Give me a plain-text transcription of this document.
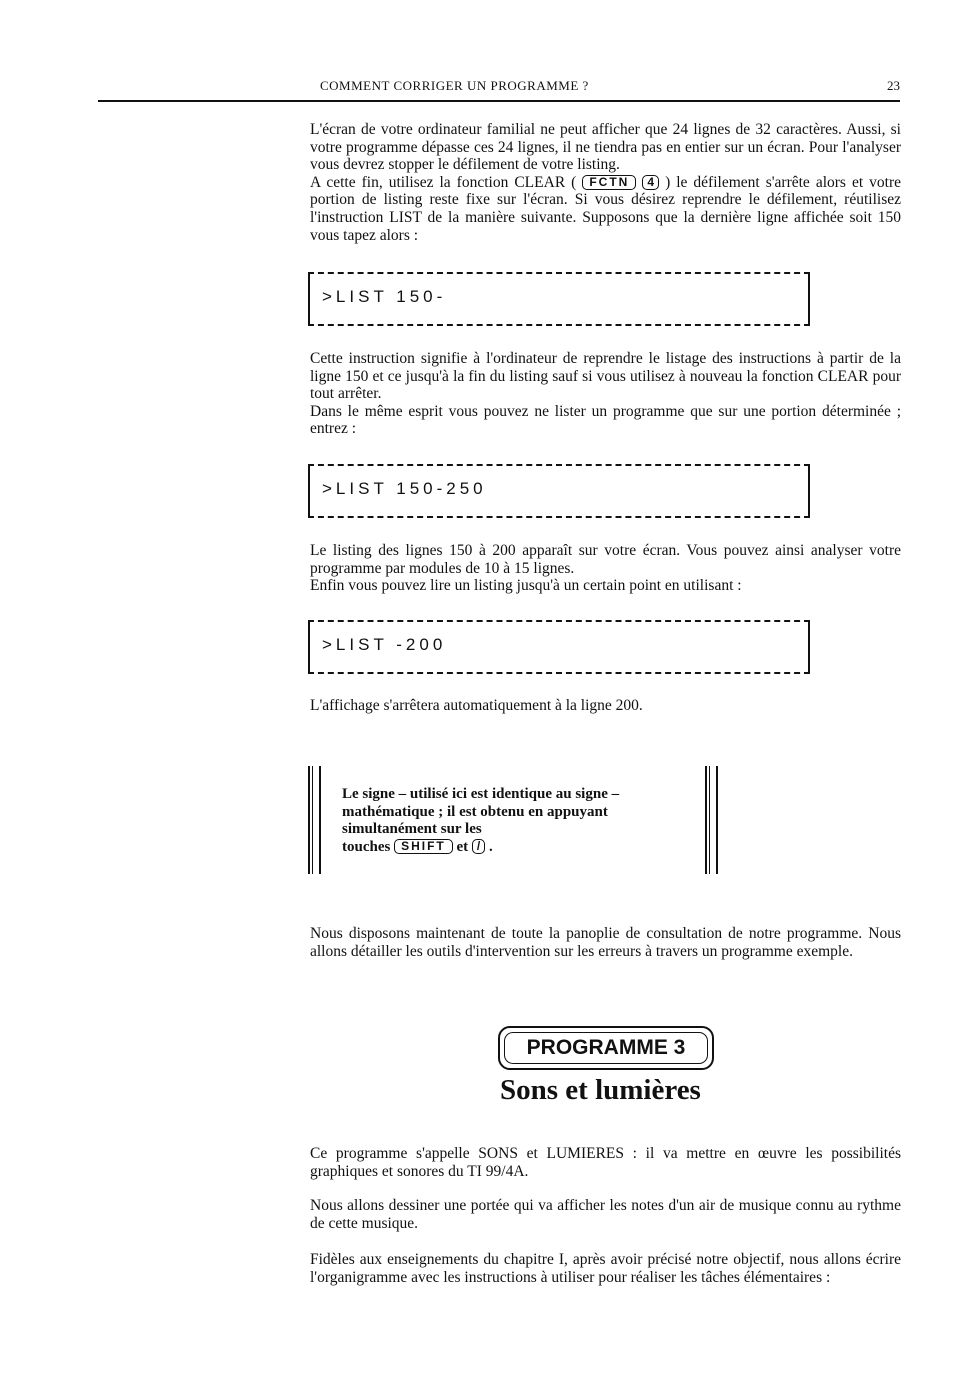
COMMENT CORRIGER UN PROGRAMME ?	23

L'écran de votre ordinateur familial ne peut afficher que 24 lignes de 32 caractères. Aussi, si votre programme dépasse ces 24 lignes, il ne tiendra pas en entier sur un écran. Pour l'analyser vous devrez stopper le défilement de votre listing.

A cette fin, utilisez la fonction CLEAR ( FCTN 4 ) le défilement s'arrête alors et votre portion de listing reste fixe sur l'écran. Si vous désirez reprendre le défilement, réutilisez l'instruction LIST de la manière suivante. Supposons que la dernière ligne affichée soit 150 vous tapez alors :

>LIST 150-

Cette instruction signifie à l'ordinateur de reprendre le listage des instructions à partir de la ligne 150 et ce jusqu'à la fin du listing sauf si vous utilisez à nouveau la fonction CLEAR pour tout arrêter.

Dans le même esprit vous pouvez ne lister un programme que sur une portion déterminée ; entrez :

>LIST 150-250

Le listing des lignes 150 à 200 apparaît sur votre écran. Vous pouvez ainsi analyser votre programme par modules de 10 à 15 lignes.

Enfin vous pouvez lire un listing jusqu'à un certain point en utilisant :

>LIST -200
L'affichage s'arrêtera automatiquement à la ligne 200.

Le signe – utilisé ici est identique au signe –

mathématique ; il est obtenu en appuyant

simultanément sur les

touches SHIFT et / .

Nous disposons maintenant de toute la panoplie de consultation de notre programme. Nous allons détailler les outils d'intervention sur les erreurs à travers un programme exemple.
PROGRAMME 3
Sons et lumières
Ce programme s'appelle SONS et LUMIERES : il va mettre en œuvre les possibilités graphiques et sonores du TI 99/4A.
Nous allons dessiner une portée qui va afficher les notes d'un air de musique connu au rythme de cette musique.
Fidèles aux enseignements du chapitre I, après avoir précisé notre objectif, nous allons écrire l'organigramme avec les instructions à utiliser pour réaliser les tâches élémentaires :
